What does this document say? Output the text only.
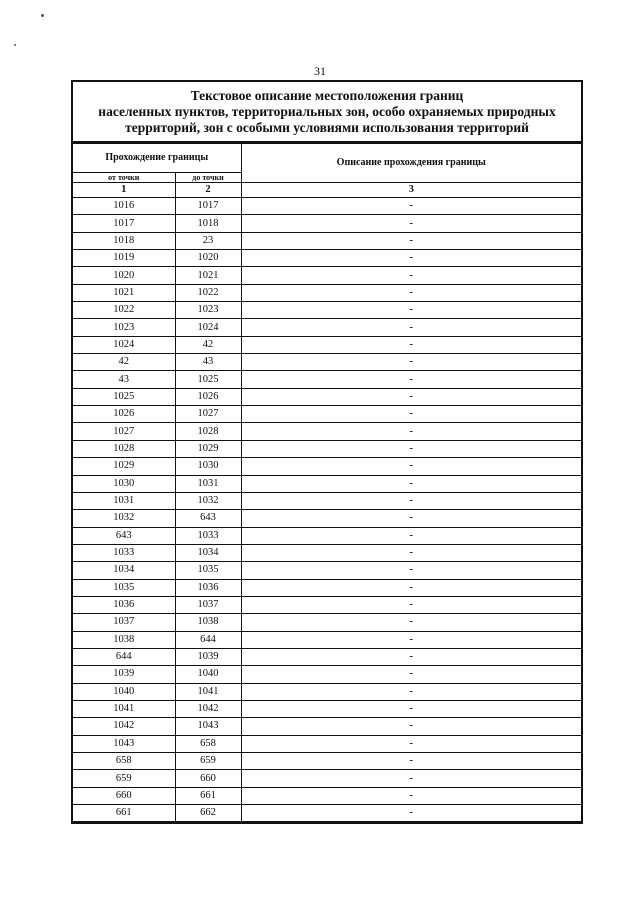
31
Текстовое описание местоположения границ
населенных пунктов, территориальных зон, особо охраняемых природных
территорий, зон с особыми условиями использования территорий
Прохождение границы		Описание прохождения границы
от точки	до точки	
1	2	3
1016	1017	-
1017	1018	-
1018	23	-
1019	1020	-
1020	1021	-
1021	1022	-
1022	1023	-
1023	1024	-
1024	42	-
42	43	-
43	1025	-
1025	1026	-
1026	1027	-
1027	1028	-
1028	1029	-
1029	1030	-
1030	1031	-
1031	1032	-
1032	643	-
643	1033	-
1033	1034	-
1034	1035	-
1035	1036	-
1036	1037	-
1037	1038	-
1038	644	-
644	1039	-
1039	1040	-
1040	1041	-
1041	1042	-
1042	1043	-
1043	658	-
658	659	-
659	660	-
660	661	-
661	662	-
